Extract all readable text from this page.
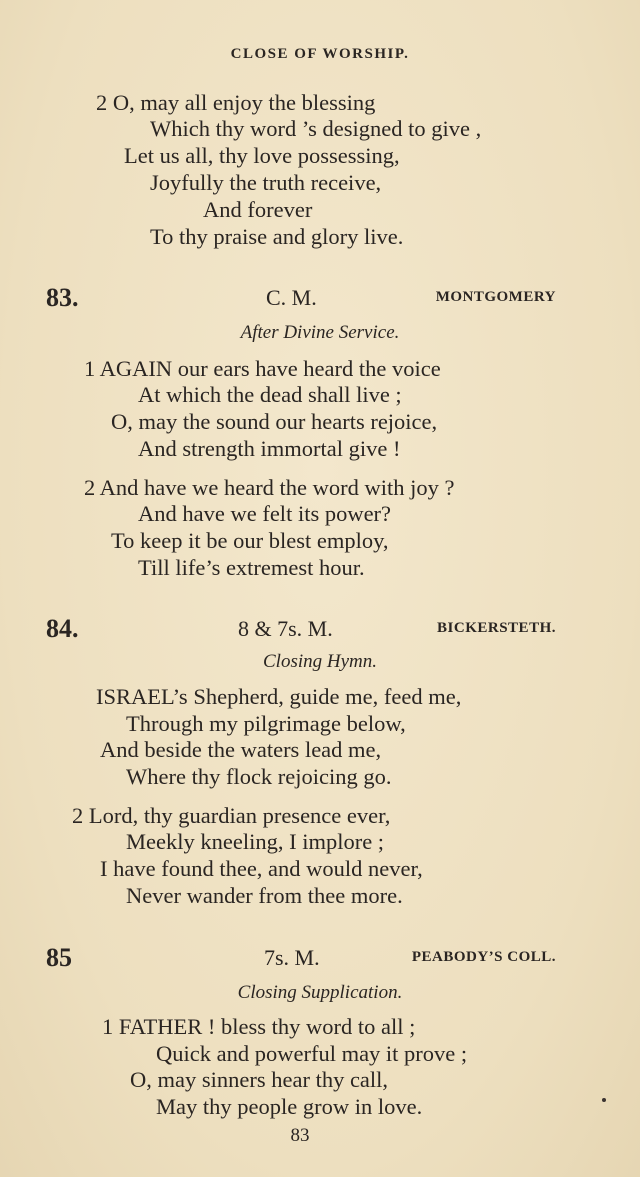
CLOSE OF WORSHIP.
2 O, may all enjoy the blessing
Which thy word ’s designed to give ,
Let us all, thy love possessing,
Joyfully the truth receive,
And forever
To thy praise and glory live.
83.	C. M.	MONTGOMERY
After Divine Service.
1 AGAIN our ears have heard the voice
At which the dead shall live ;
O, may the sound our hearts rejoice,
And strength immortal give !
2 And have we heard the word with joy ?
And have we felt its power?
To keep it be our blest employ,
Till life’s extremest hour.
84.	8 & 7s. M.	BICKERSTETH.
Closing Hymn.
ISRAEL’s Shepherd, guide me, feed me,
Through my pilgrimage below,
And beside the waters lead me,
Where thy flock rejoicing go.
2 Lord, thy guardian presence ever,
Meekly kneeling, I implore ;
I have found thee, and would never,
Never wander from thee more.
85	7s. M.	PEABODY’S COLL.
Closing Supplication.
1 FATHER ! bless thy word to all ;
Quick and powerful may it prove ;
O, may sinners hear thy call,
May thy people grow in love.
83
